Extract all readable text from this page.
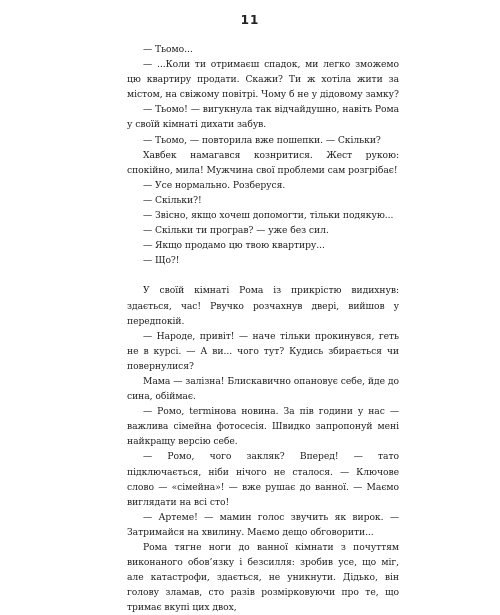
11

— Тьомо...

— ...Коли ти отримаєш спадок, ми легко зможемо цю квартиру продати. Скажи? Ти ж хотіла жити за містом, на свіжому повітрі. Чому б не у дідовому замку?

— Тьомо! — вигукнула так відчайдушно, навіть Рома у своїй кімнаті дихати забув.

— Тьомо, — повторила вже пошепки. — Скільки?

Хавбек намагався кознритися. Жест рукою: спокійно, мила! Мужчина свої проблеми сам розгрібає!

— Усе нормально. Розберуся.

— Скільки?!

— Звісно, якщо хочеш допомогти, тільки подякую...

— Скільки ти програв? — уже без сил.

— Якщо продамо цю твою квартиру...

— Що?!

У своїй кімнаті Рома із прикрістю видихнув: здається, час! Рвучко розчахнув двері, вийшов у передпокій.

— Народе, привіт! — наче тільки прокинувся, геть не в курсі. — А ви... чого тут? Кудись збирається чи повернулися?

Мама — залізна! Блискавично опановує себе, йде до сина, обіймає.

— Ромо, termінова новина. За пів години у нас — важлива сімейна фотосесія. Швидко запропонуй мені найкращу версію себе.

— Ромо, чого закляк? Вперед! — тато підключається, ніби нічого не сталося. — Ключове слово — «сімейна»! — вже рушає до ванної. — Маємо виглядати на всі сто!

— Артеме! — мамин голос звучить як вирок. — Затримайся на хвилину. Маємо дещо обговорити...

Рома тягне ноги до ванної кімнати з почуттям виконаного обов’язку і безсилля: зробив усе, що міг, але катастрофи, здається, не уникнути. Дідько, він голову зламав, сто разів розмірковуючи про те, що тримає вкупі цих двох,
